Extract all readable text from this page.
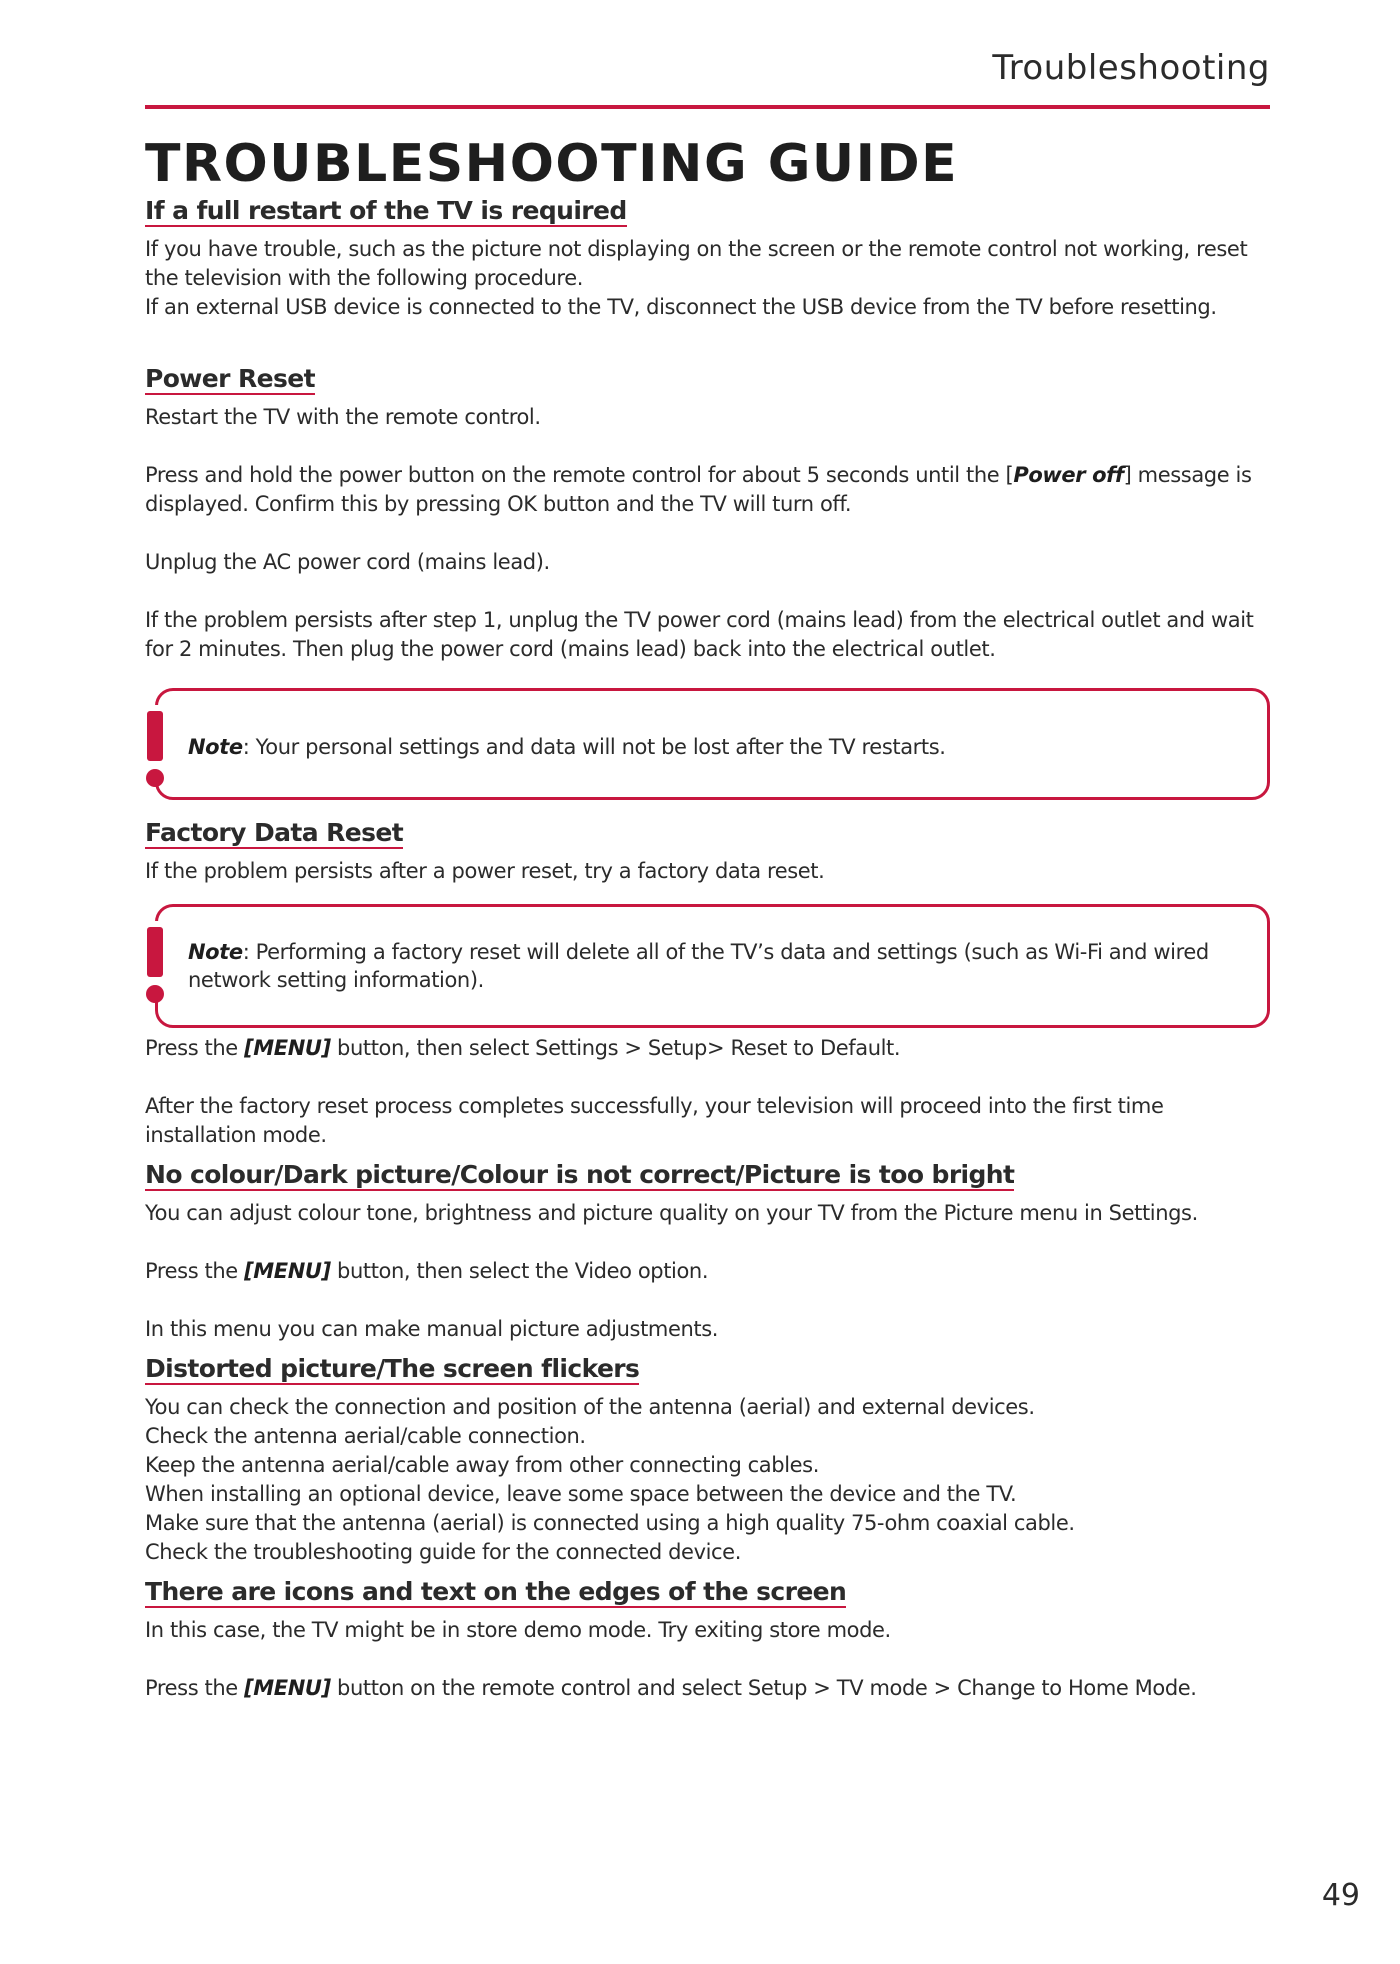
Troubleshooting
TROUBLESHOOTING GUIDE
If a full restart of the TV is required

If you have trouble, such as the picture not displaying on the screen or the remote control not working, reset the television with the following procedure.

If an external USB device is connected to the TV, disconnect the USB device from the TV before resetting.

Power Reset

Restart the TV with the remote control.

Press and hold the power button on the remote control for about 5 seconds until the [Power off] message is displayed. Confirm this by pressing OK button and the TV will turn off.

Unplug the AC power cord (mains lead).

If the problem persists after step 1, unplug the TV power cord (mains lead) from the electrical outlet and wait for 2 minutes. Then plug the power cord (mains lead) back into the electrical outlet.

Note: Your personal settings and data will not be lost after the TV restarts.
Factory Data Reset

If the problem persists after a power reset, try a factory data reset.

Note: Performing a factory reset will delete all of the TV’s data and settings (such as Wi-Fi and wired network setting information).

Press the [MENU] button, then select Settings > Setup> Reset to Default.

After the factory reset process completes successfully, your television will proceed into the first time installation mode.

No colour/Dark picture/Colour is not correct/Picture is too bright

You can adjust colour tone, brightness and picture quality on your TV from the Picture menu in Settings.

Press the [MENU] button, then select the Video option.

In this menu you can make manual picture adjustments.

Distorted picture/The screen flickers

You can check the connection and position of the antenna (aerial) and external devices.

Check the antenna aerial/cable connection.

Keep the antenna aerial/cable away from other connecting cables.

When installing an optional device, leave some space between the device and the TV.

Make sure that the antenna (aerial) is connected using a high quality 75-ohm coaxial cable.

Check the troubleshooting guide for the connected device.

There are icons and text on the edges of the screen

In this case, the TV might be in store demo mode. Try exiting store mode.

Press the [MENU] button on the remote control and select Setup > TV mode > Change to Home Mode.

49
